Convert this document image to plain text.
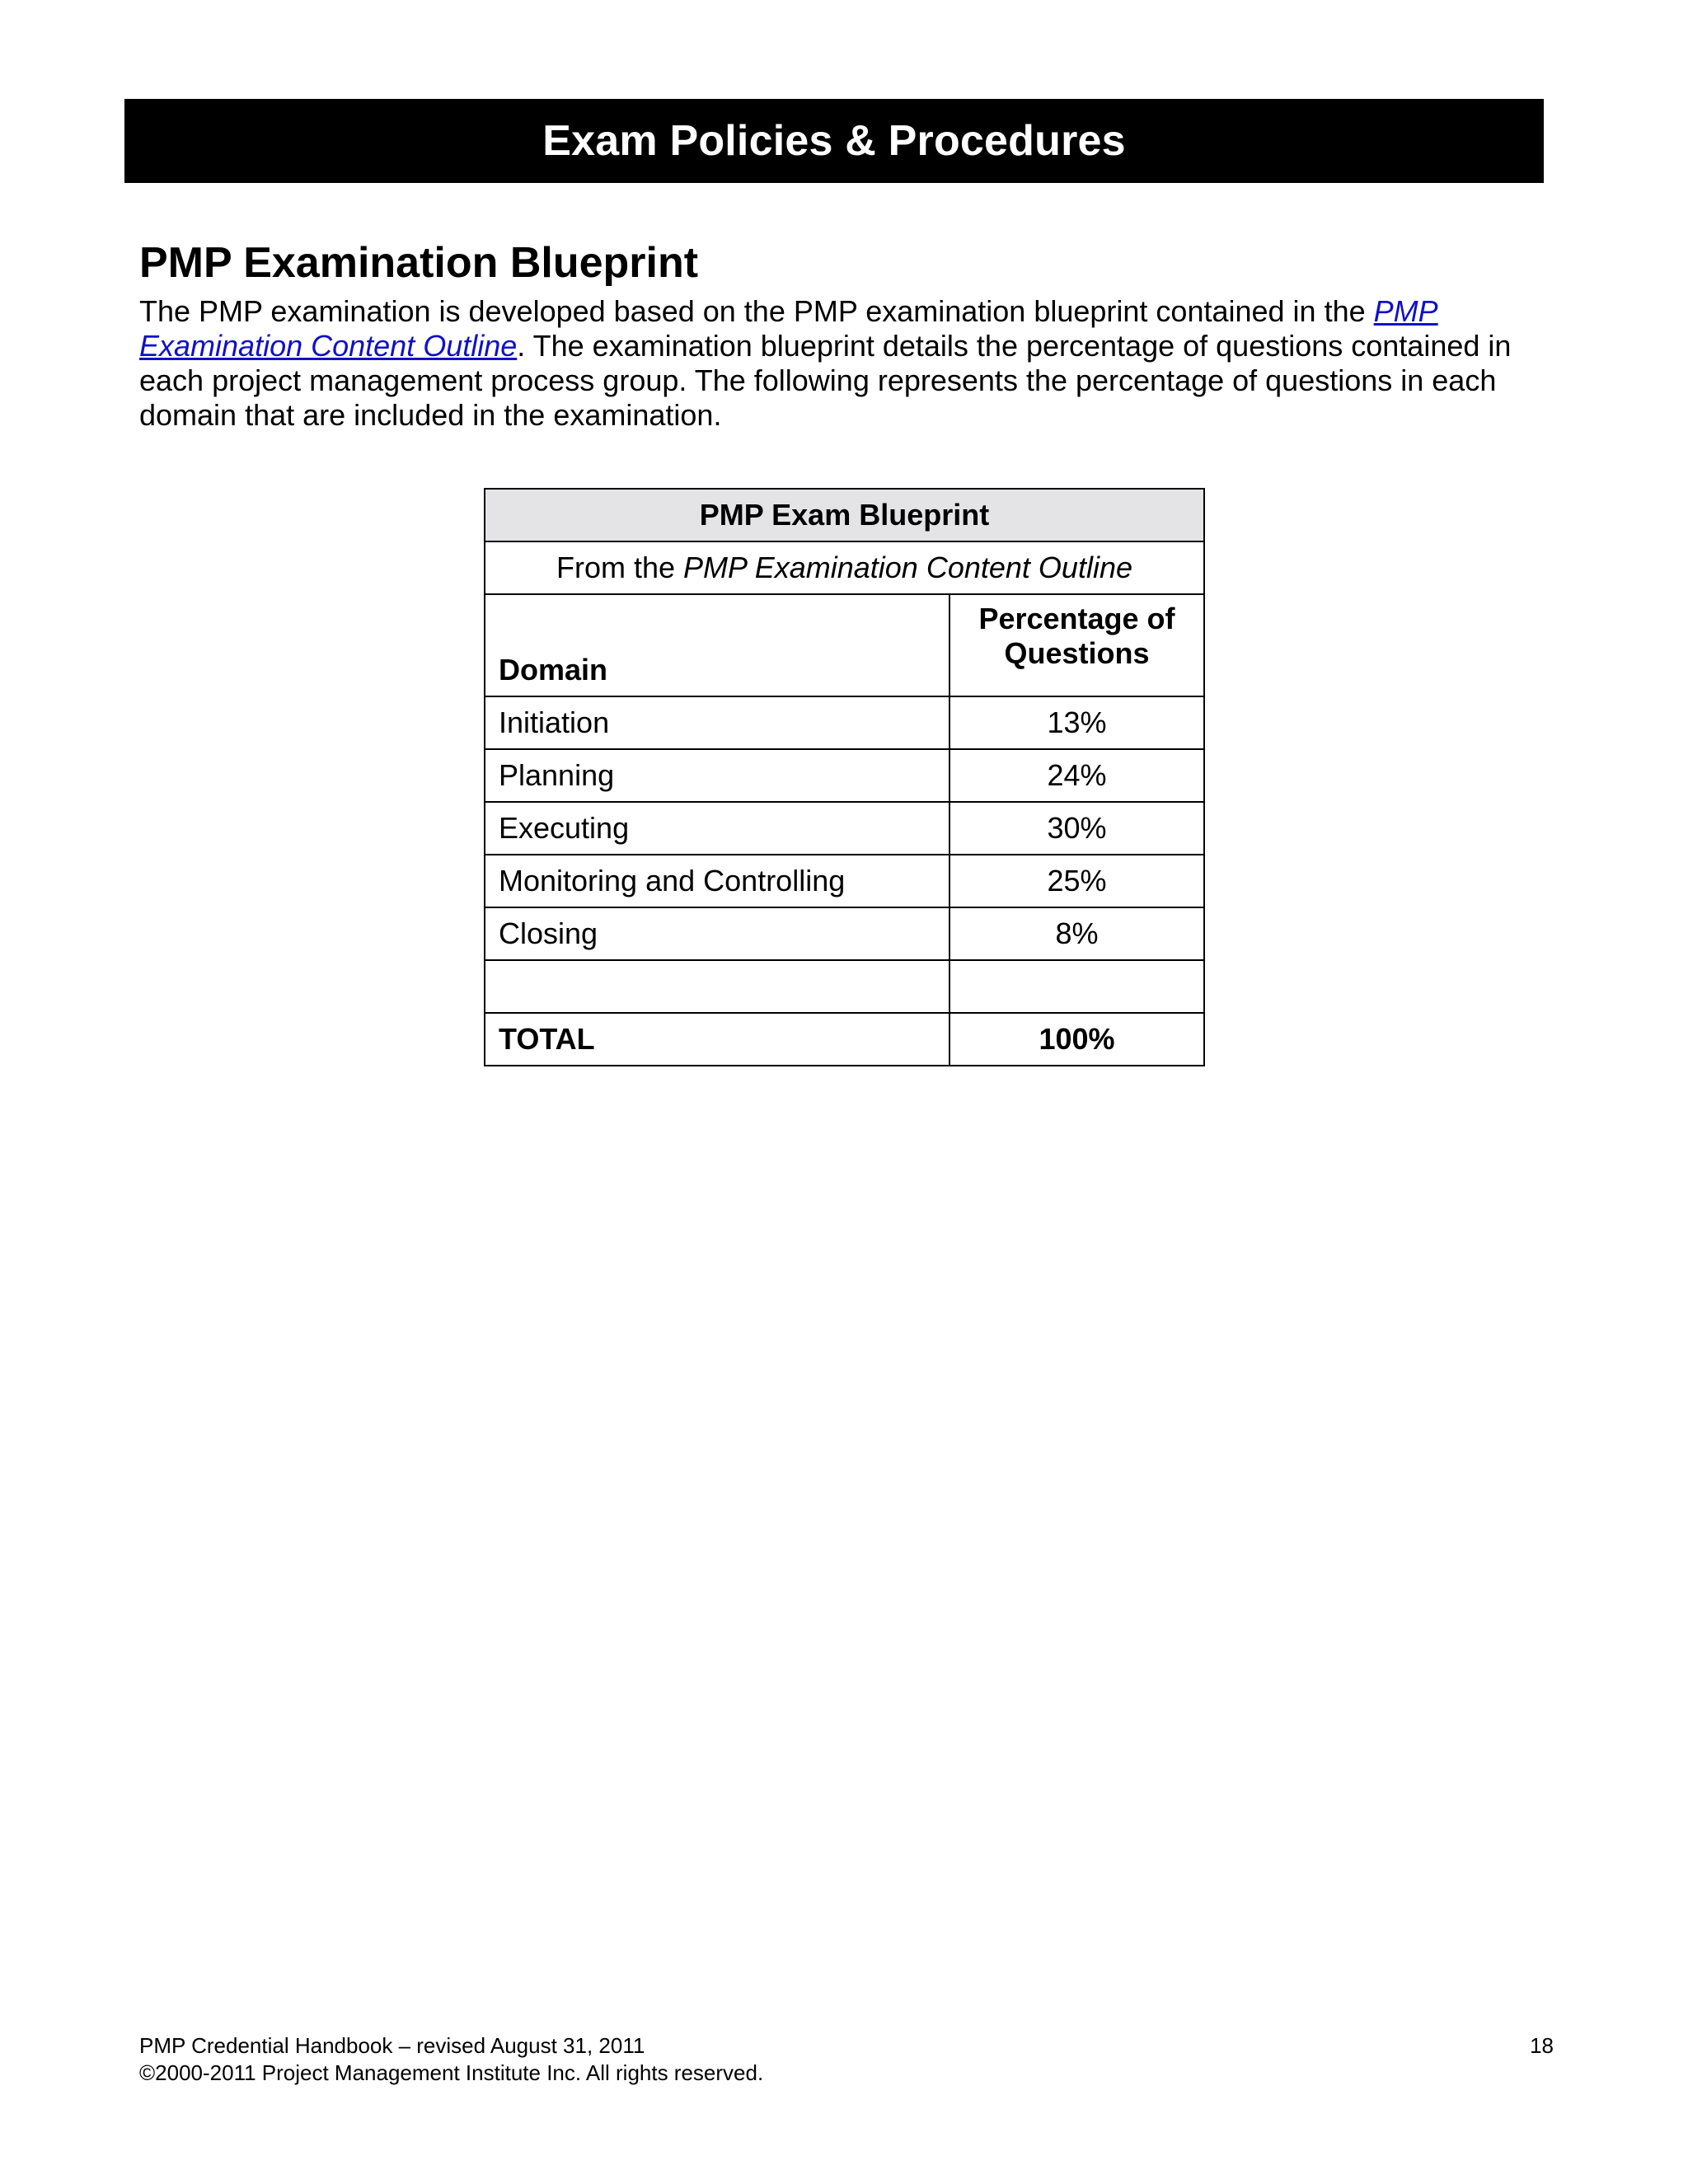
Exam Policies & Procedures
PMP Examination Blueprint

The PMP examination is developed based on the PMP examination blueprint contained in the PMP Examination Content Outline. The examination blueprint details the percentage of questions contained in each project management process group. The following represents the percentage of questions in each domain that are included in the examination.

PMP Exam Blueprint	
From the PMP Examination Content Outline	
Domain	Percentage of
Questions
Initiation	13%
Planning	24%
Executing	30%
Monitoring and Controlling	25%
Closing	8%

TOTAL	100%
PMP Credential Handbook – revised August 31, 2011
©2000-2011 Project Management Institute Inc. All rights reserved.
18
